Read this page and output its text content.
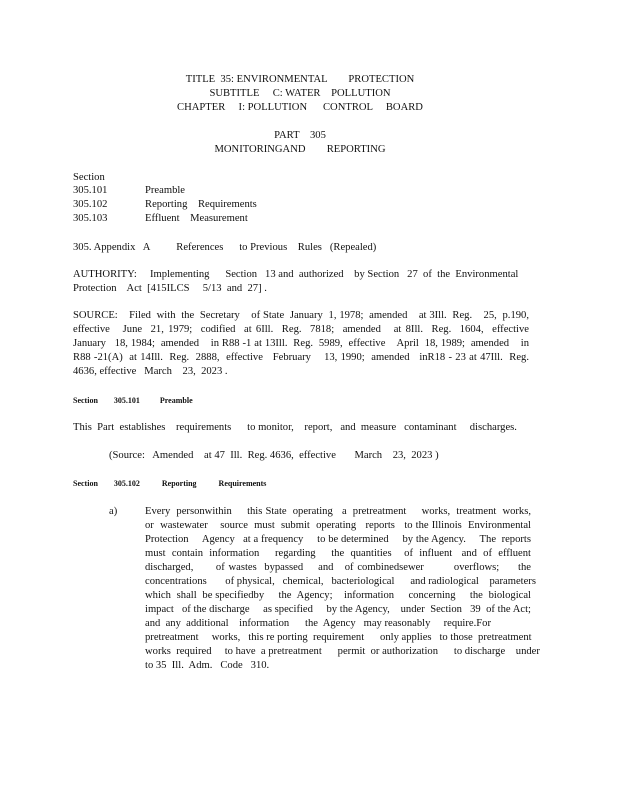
TITLE  35: ENVIRONMENTAL        PROTECTION
SUBTITLE     C: WATER    POLLUTION
CHAPTER     I: POLLUTION      CONTROL     BOARD
PART    305
MONITORINGAND        REPORTING
Section
305.101	Preamble
305.102	Reporting    Requirements
305.103	Effluent    Measurement
305. Appendix   A          References      to Previous    Rules   (Repealed)
AUTHORITY:     Implementing      Section   13 and  authorized    by Section   27  of  the  Environmental
Protection    Act  [415ILCS     5/13  and  27] .
SOURCE:    Filed  with  the  Secretary    of State  January  1, 1978;  amended    at 3Ill.  Reg.    25,  p.190,
effective   June  21, 1979;  codified  at 6Ill.  Reg.  7818;  amended   at 8Ill.  Reg.  1604,  effective
January   18, 1984;  amended    in R88 -1 at 13Ill.  Reg.  5989,  effective    April  18, 1989;  amended    in
R88 -21(A)  at 14Ill.  Reg.  2888,  effective   February    13, 1990;  amended   inR18 - 23 at 47Ill.  Reg.
4636, effective   March    23,  2023 .
Section        305.101          Preamble
This  Part  establishes    requirements      to monitor,    report,   and  measure   contaminant     discharges.
(Source:   Amended    at 47  Ill.  Reg. 4636,  effective       March    23,  2023 )
Section        305.102           Reporting           Requirements
a)	Every  personwithin     this State  operating   a  pretreatment     works,  treatment  works,
or  wastewater    source  must  submit  operating   reports   to the Illinois  Environmental
Protection     Agency   at a frequency     to be determined     by the Agency.     The  reports
must  contain  information     regarding     the  quantities    of  influent   and  of  effluent
discharged,      of wastes  bypassed    and   of combinedsewer        overflows;     the
concentrations       of physical,   chemical,   bacteriological      and radiological    parameters
which  shall  be specifiedby     the  Agency;    information     concerning     the  biological
impact   of the discharge     as specified     by the Agency,    under  Section   39  of the Act;
and  any  additional    information      the  Agency   may reasonably     require.For
pretreatment     works,   this re porting  requirement      only applies   to those  pretreatment
works  required     to have  a pretreatment      permit  or authorization      to discharge    under
to 35  Ill.  Adm.   Code   310.
